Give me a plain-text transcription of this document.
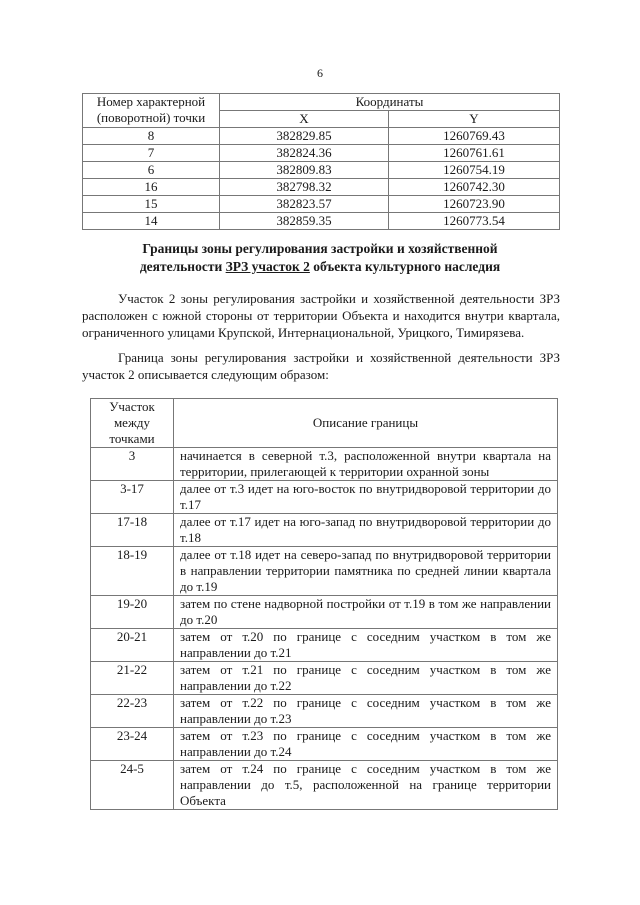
6
Номер характерной (поворотной) точки	Координаты	
	X	Y
8	382829.85	1260769.43
7	382824.36	1260761.61
6	382809.83	1260754.19
16	382798.32	1260742.30
15	382823.57	1260723.90
14	382859.35	1260773.54
Границы зоны регулирования застройки и хозяйственной
деятельности ЗРЗ участок 2 объекта культурного наследия
Участок 2 зоны регулирования застройки и хозяйственной деятельности ЗРЗ расположен с южной стороны от территории Объекта и находится внутри квартала, ограниченного улицами Крупской, Интернациональной, Урицкого, Тимирязева.
Граница зоны регулирования застройки и хозяйственной деятельности ЗРЗ участок 2 описывается следующим образом:
Участок между точками	Описание границы
3	начинается в северной т.3, расположенной внутри квартала на территории, прилегающей к территории охранной зоны
3-17	далее от т.3 идет на юго-восток по внутридворовой территории до т.17
17-18	далее от т.17 идет на юго-запад по внутридворовой территории до т.18
18-19	далее от т.18 идет на северо-запад по внутридворовой территории в направлении территории памятника по средней линии квартала до т.19
19-20	затем по стене надворной постройки от т.19 в том же направлении до т.20
20-21	затем от т.20 по границе с соседним участком в том же направлении до т.21
21-22	затем от т.21 по границе с соседним участком в том же направлении до т.22
22-23	затем от т.22 по границе с соседним участком в том же направлении до т.23
23-24	затем от т.23 по границе с соседним участком в том же направлении до т.24
24-5	затем от т.24 по границе с соседним участком в том же направлении до т.5, расположенной на границе территории Объекта
